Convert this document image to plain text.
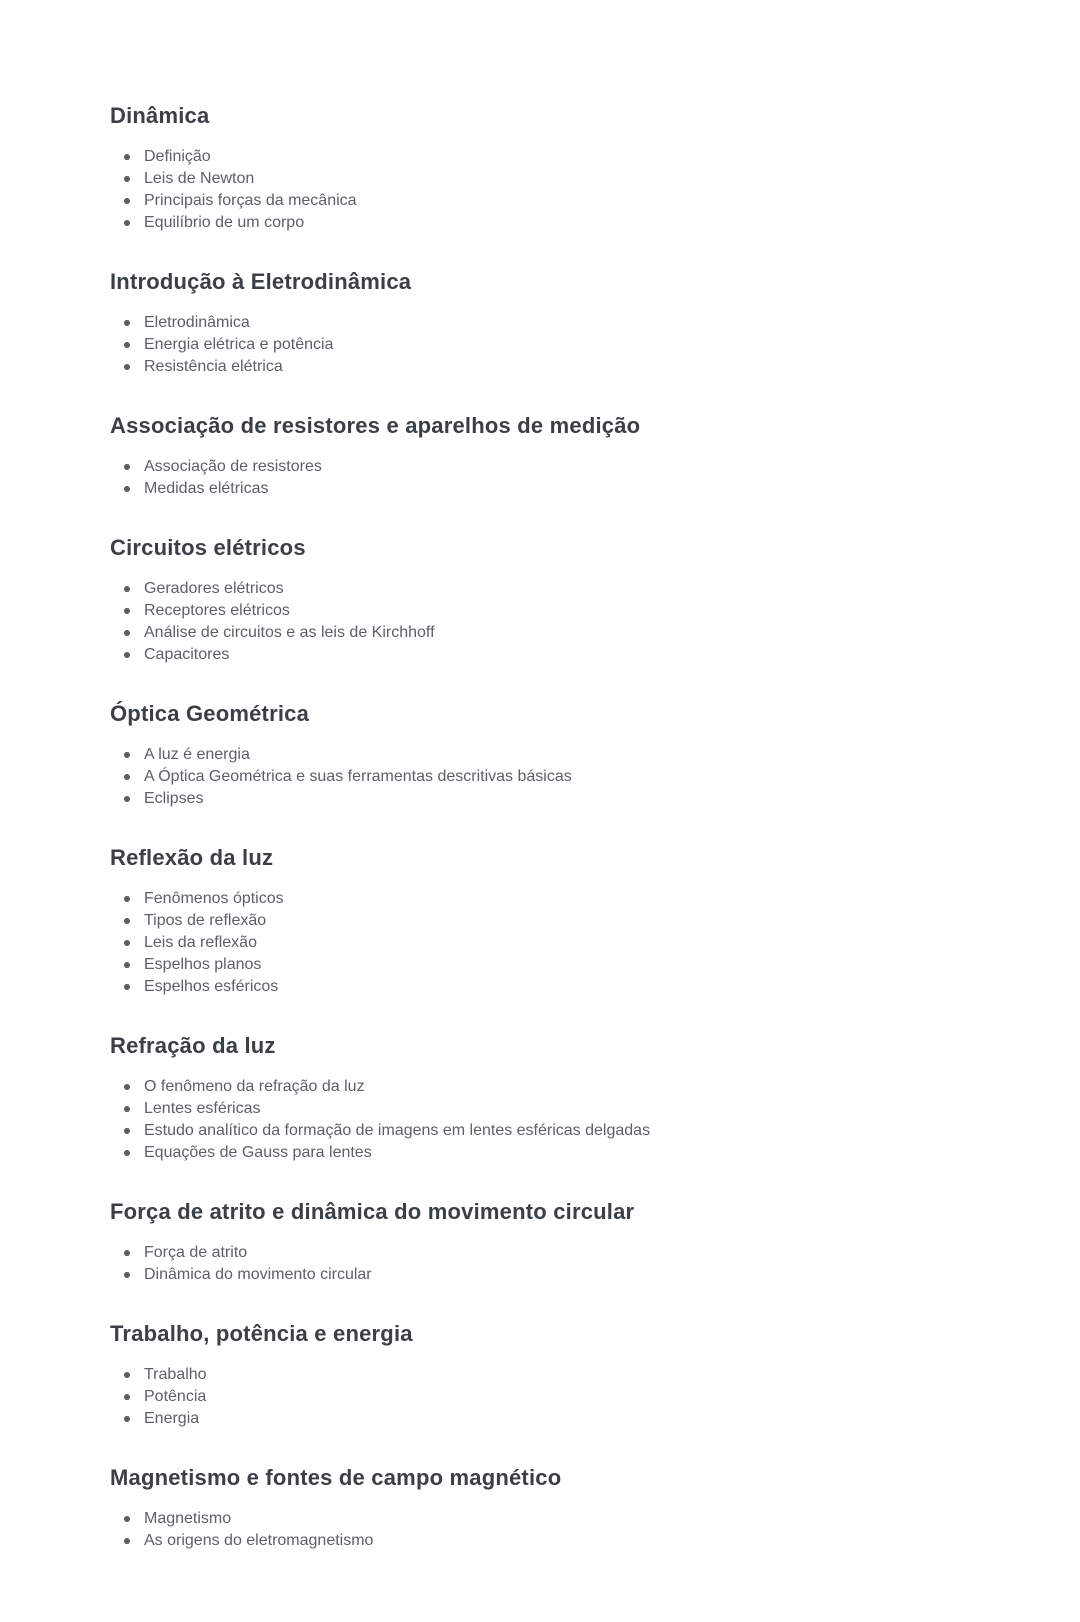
Dinâmica
Definição
Leis de Newton
Principais forças da mecânica
Equilíbrio de um corpo
Introdução à Eletrodinâmica
Eletrodinâmica
Energia elétrica e potência
Resistência elétrica
Associação de resistores e aparelhos de medição
Associação de resistores
Medidas elétricas
Circuitos elétricos
Geradores elétricos
Receptores elétricos
Análise de circuitos e as leis de Kirchhoff
Capacitores
Óptica Geométrica
A luz é energia
A Óptica Geométrica e suas ferramentas descritivas básicas
Eclipses
Reflexão da luz
Fenômenos ópticos
Tipos de reflexão
Leis da reflexão
Espelhos planos
Espelhos esféricos
Refração da luz
O fenômeno da refração da luz
Lentes esféricas
Estudo analítico da formação de imagens em lentes esféricas delgadas
Equações de Gauss para lentes
Força de atrito e dinâmica do movimento circular
Força de atrito
Dinâmica do movimento circular
Trabalho, potência e energia
Trabalho
Potência
Energia
Magnetismo e fontes de campo magnético
Magnetismo
As origens do eletromagnetismo
